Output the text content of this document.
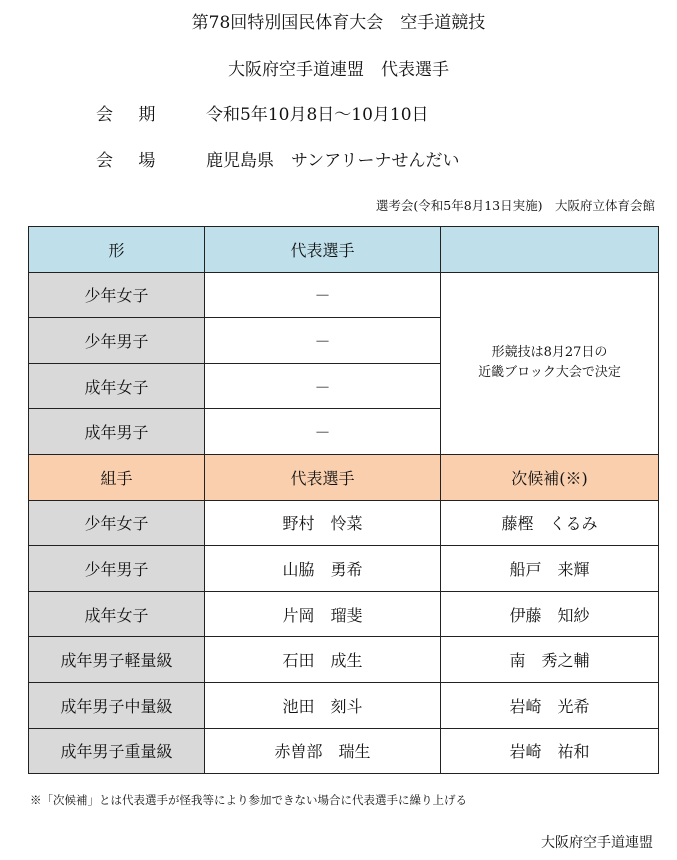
第78回特別国民体育大会　空手道競技
大阪府空手道連盟　代表選手
会 期 令和5年10月8日～10月10日
会 場 鹿児島県　サンアリーナせんだい
選考会(令和5年8月13日実施)　大阪府立体育会館
形	代表選手	
少年女子	－	形競技は8月27日の
近畿ブロック大会で決定

少年男子	－	
成年女子	－	
成年男子	－	
組手	代表選手	次候補(※)
少年女子	野村　怜菜	藤樫　くるみ
少年男子	山脇　勇希	船戸　来輝
成年女子	片岡　瑠斐	伊藤　知紗
成年男子軽量級	石田　成生	南　秀之輔
成年男子中量級	池田　刻斗	岩崎　光希
成年男子重量級	赤曽部　瑞生	岩崎　祐和
※「次候補」とは代表選手が怪我等により参加できない場合に代表選手に繰り上げる
大阪府空手道連盟
